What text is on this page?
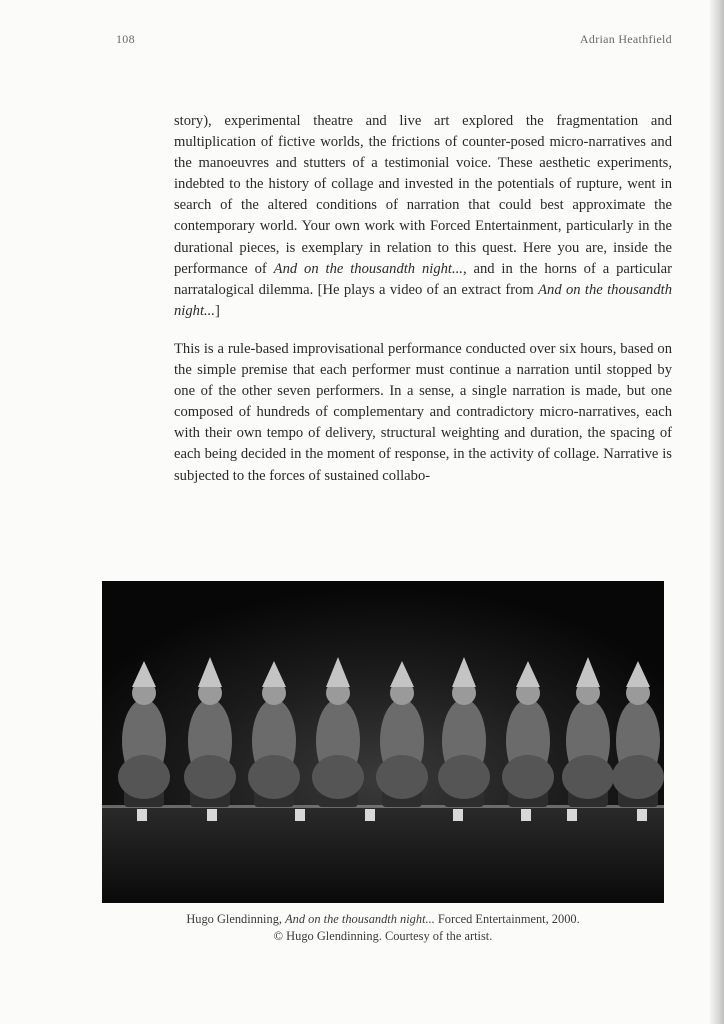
108	Adrian Heathfield

story), experimental theatre and live art explored the fragmentation and multiplication of fictive worlds, the frictions of counter-posed micro-narratives and the manoeuvres and stutters of a testimonial voice. These aesthetic experiments, indebted to the history of collage and invested in the potentials of rupture, went in search of the altered conditions of narration that could best approximate the contemporary world. Your own work with Forced Entertainment, particularly in the durational pieces, is exemplary in relation to this quest. Here you are, inside the performance of And on the thousandth night..., and in the horns of a particular narratalogical dilemma. [He plays a video of an extract from And on the thousandth night...]

This is a rule-based improvisational performance conducted over six hours, based on the simple premise that each performer must continue a narration until stopped by one of the other seven performers. In a sense, a single narration is made, but one composed of hundreds of complementary and contradictory micro-narratives, each with their own tempo of delivery, structural weighting and duration, the spacing of each being decided in the moment of response, in the activity of collage. Narrative is subjected to the forces of sustained collabo-

Hugo Glendinning, And on the thousandth night... Forced Entertainment, 2000.
© Hugo Glendinning. Courtesy of the artist.
